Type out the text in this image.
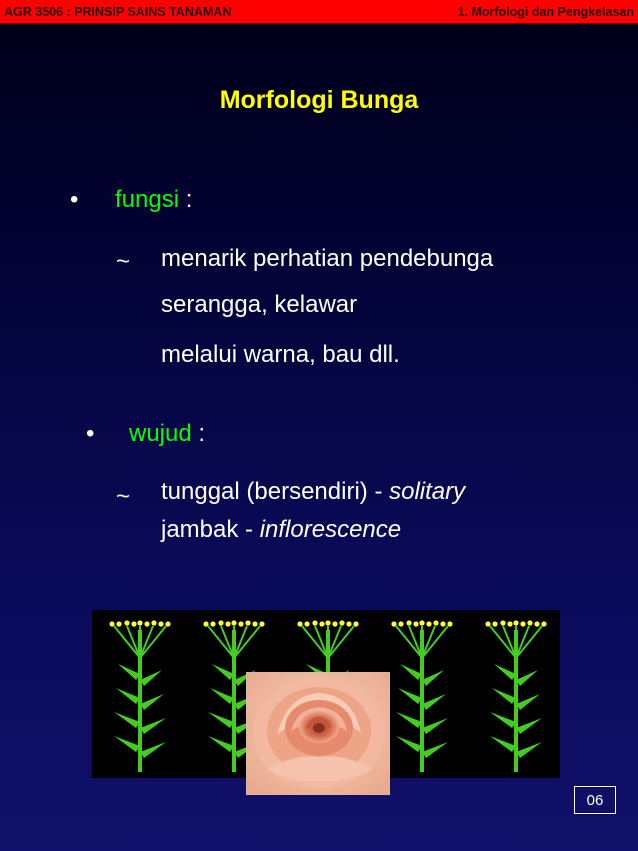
AGR 3506 : PRINSIP SAINS TANAMAN	1. Morfologi dan Pengkelasan
Morfologi Bunga
• fungsi :
~ menarik perhatian pendebunga
serangga, kelawar
melalui warna, bau dll.
• wujud :
~ tunggal (bersendiri) - solitary
jambak - inflorescence
06
